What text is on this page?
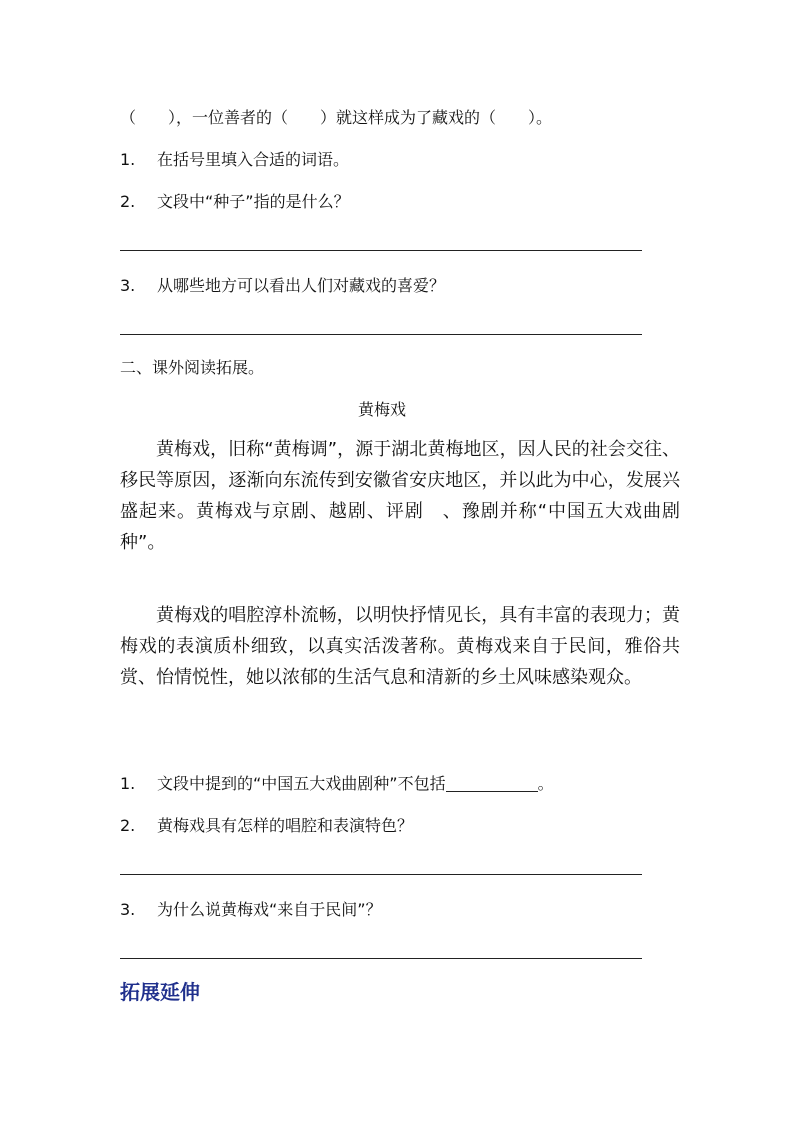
（　　），一位善者的（　　）就这样成为了藏戏的（　　）。
1. 在括号里填入合适的词语。
2. 文段中“种子”指的是什么？
3. 从哪些地方可以看出人们对藏戏的喜爱？
二、课外阅读拓展。
黄梅戏
黄梅戏，旧称“黄梅调”，源于湖北黄梅地区，因人民的社会交往、移民等原因，逐渐向东流传到安徽省安庆地区，并以此为中心，发展兴盛起来。黄梅戏与京剧、越剧、评剧　、豫剧并称“中国五大戏曲剧种”。
黄梅戏的唱腔淳朴流畅，以明快抒情见长，具有丰富的表现力；黄梅戏的表演质朴细致，以真实活泼著称。黄梅戏来自于民间，雅俗共赏、怡情悦性，她以浓郁的生活气息和清新的乡土风味感染观众。
1. 文段中提到的“中国五大戏曲剧种”不包括	。
2. 黄梅戏具有怎样的唱腔和表演特色？
3. 为什么说黄梅戏“来自于民间”？
拓展延伸
